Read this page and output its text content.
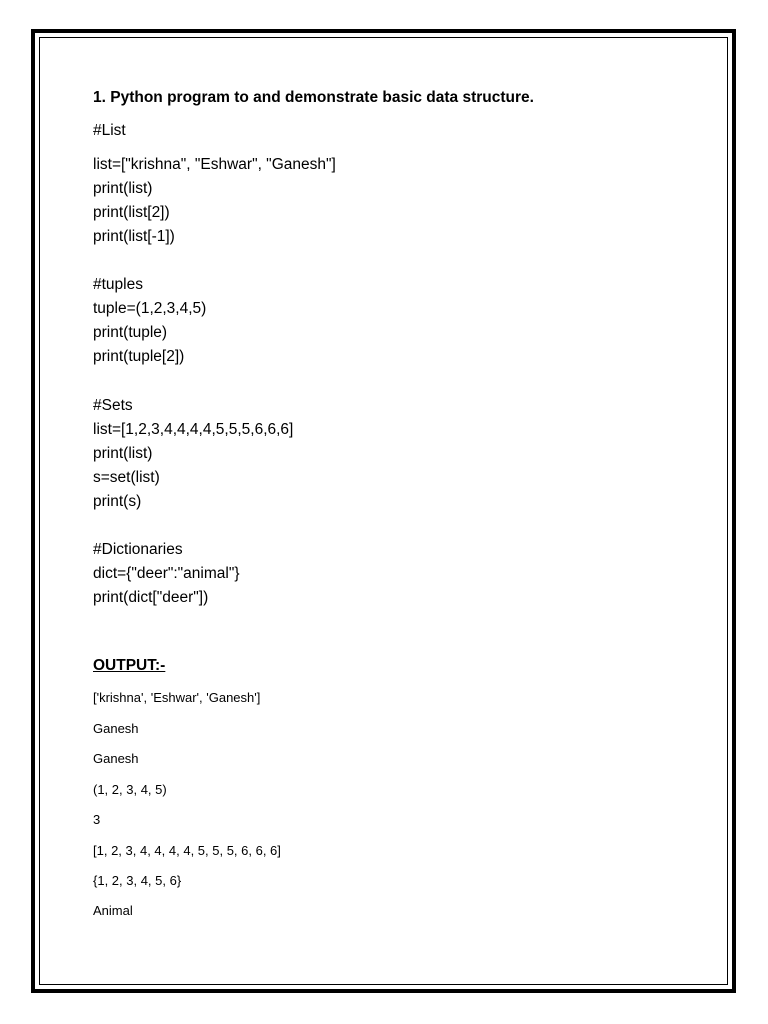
1. Python program to and demonstrate basic data structure.
#List
list=["krishna", "Eshwar", "Ganesh"]
print(list)
print(list[2])
print(list[-1])
#tuples
tuple=(1,2,3,4,5)
print(tuple)
print(tuple[2])
#Sets
list=[1,2,3,4,4,4,4,5,5,5,6,6,6]
print(list)
s=set(list)
print(s)
#Dictionaries
dict={"deer":"animal"}
print(dict["deer"])
OUTPUT:-
['krishna', 'Eshwar', 'Ganesh']
Ganesh
Ganesh
(1, 2, 3, 4, 5)
3
[1, 2, 3, 4, 4, 4, 4, 5, 5, 5, 6, 6, 6]
{1, 2, 3, 4, 5, 6}
Animal
